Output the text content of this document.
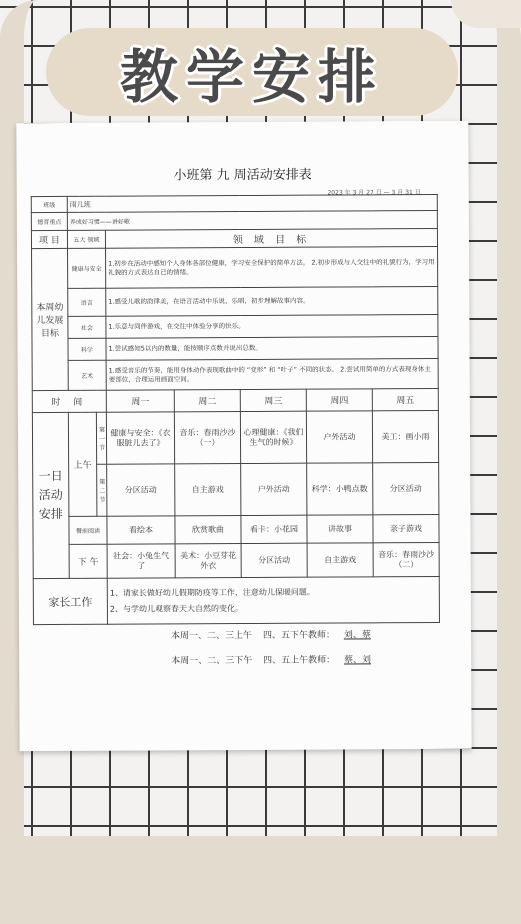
教学安排
小班第 九 周活动安排表
2023 年 3 月 27 日 — 3 月 31 日
班级	雨儿班						
德育重点	养成好习惯——讲好歌						
项 目	五大 领域		领 域 目 标				
本周幼儿发展目标	健康与安全		1.初步在活动中感知个人身体各部位健康，学习安全保护的简单方法。 2.初步形成与人交往中的礼貌行为，学习用礼貌的方式表达自己的情绪。				
	语言		1.感受儿歌的韵律美，在语言活动中乐说、乐唱，初步理解故事内容。				
	社会		1.乐意与同伴游戏，在交往中体验分享的快乐。				
	科学		1.尝试感知5以内的数量，能按顺序点数并说出总数。				
	艺术		1.感受音乐的节奏，能用身体动作表现歌曲中的 “变形” 和 “叶子” 不同的状态。 2.尝试用简单的方式表现身体主要部位，合理运用画面空间。				
时 间			周一	周二	周三	周四	周五
一日活动安排	上午	第一节	健康与安全：《衣服脏儿去了》	音乐：春雨沙沙（一）	心理健康：《我们生气的时候》	户外活动	美工：画小雨
		第二节	分区活动	自主游戏	户外活动	科学：小鸭点数	分区活动
	餐前阅读		看绘本	欣赏歌曲	看卡：小花园	讲故事	亲子游戏
	下 午		社会：小兔生气了	美术：小豆芽花外衣	分区活动	自主游戏	音乐：春雨沙沙（二）
家长工作			1、请家长做好幼儿假期防疫等工作，注意幼儿保暖问题。
2、与学幼儿观察春天大自然的变化。				
本周一、二、三上午 四、五下午教师： 刘、蔡
本周一、二、三下午 四、五上午教师： 蔡、刘
